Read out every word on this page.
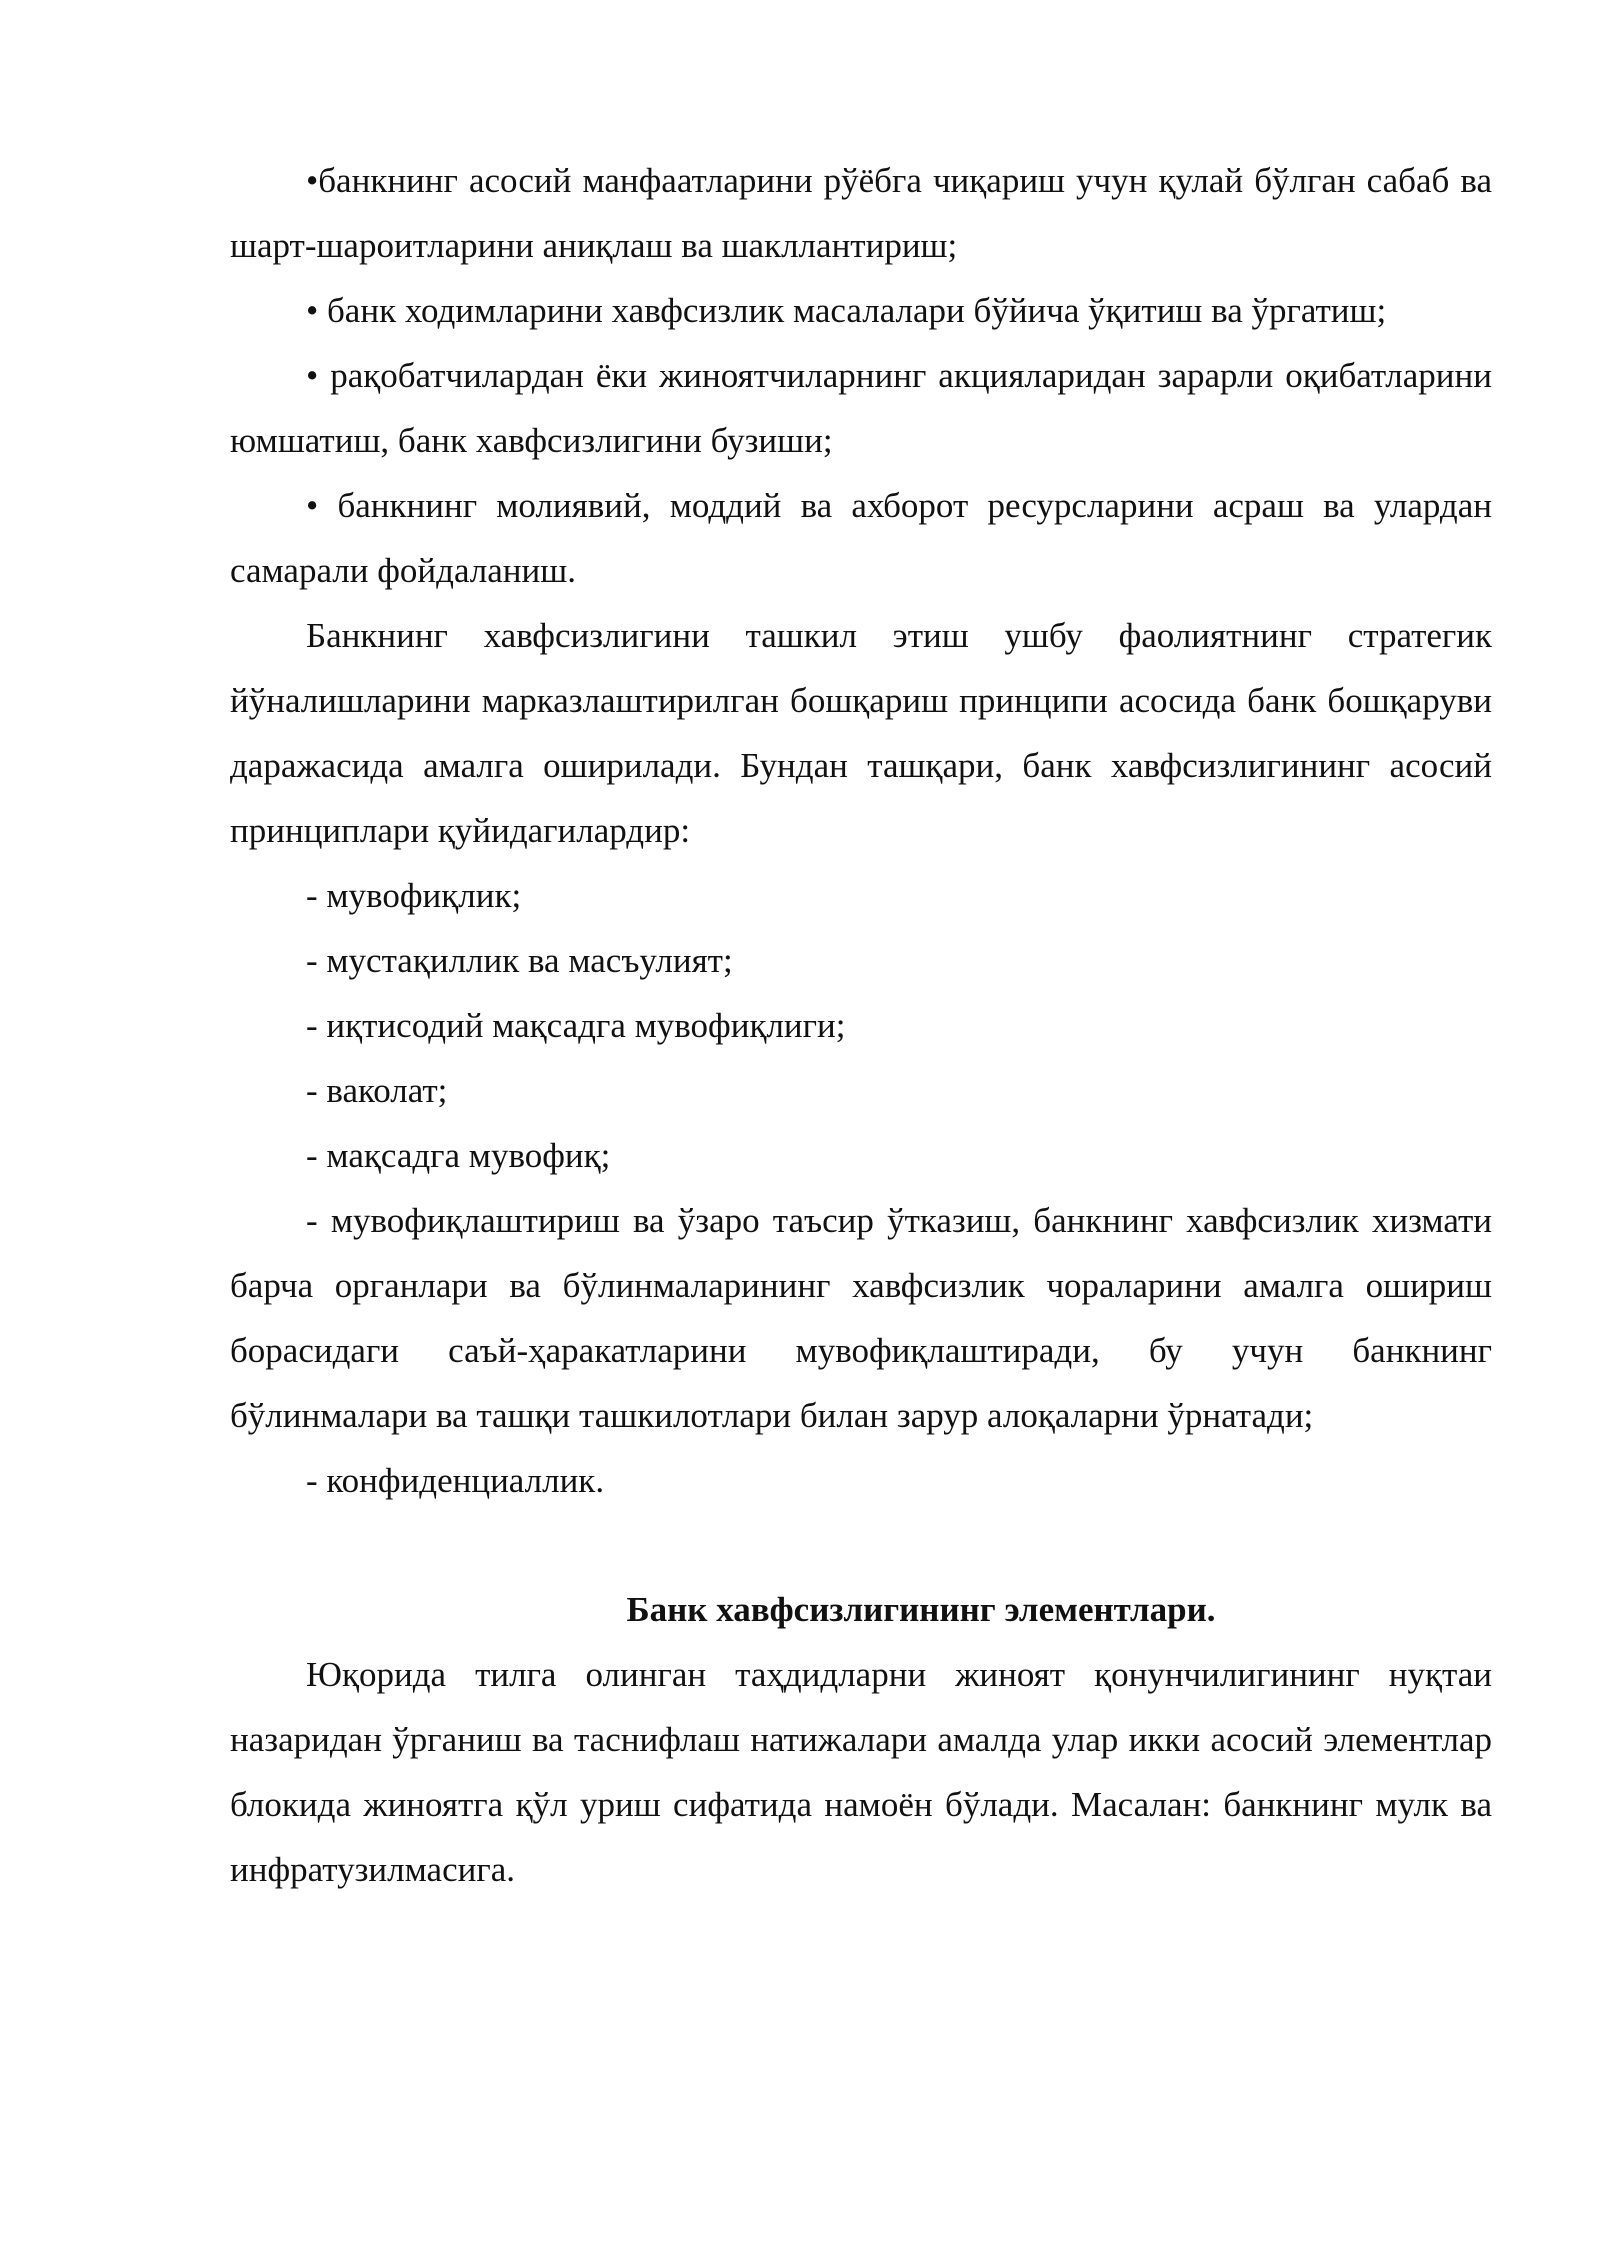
•банкнинг асосий манфаатларини рўёбга чиқариш учун қулай бўлган сабаб ва шарт-шароитларини аниқлаш ва шакллантириш;

• банк ходимларини хавфсизлик масалалари бўйича ўқитиш ва ўргатиш;

• рақобатчилардан ёки жиноятчиларнинг акцияларидан зарарли оқибатларини юмшатиш, банк хавфсизлигини бузиши;

• банкнинг молиявий, моддий ва ахборот ресурсларини асраш ва улардан самарали фойдаланиш.

Банкнинг хавфсизлигини ташкил этиш ушбу фаолиятнинг стратегик йўналишларини марказлаштирилган бошқариш принципи асосида банк бошқаруви даражасида амалга оширилади. Бундан ташқари, банк хавфсизлигининг асосий принциплари қуйидагилардир:

- мувофиқлик;

- мустақиллик ва масъулият;

- иқтисодий мақсадга мувофиқлиги;

- ваколат;

- мақсадга мувофиқ;

- мувофиқлаштириш ва ўзаро таъсир ўтказиш, банкнинг хавфсизлик хизмати барча органлари ва бўлинмаларининг хавфсизлик чораларини амалга ошириш борасидаги саъй-ҳаракатларини мувофиқлаштиради, бу учун банкнинг бўлинмалари ва ташқи ташкилотлари билан зарур алоқаларни ўрнатади;

- конфиденциаллик.

Банк хавфсизлигининг элементлари.

Юқорида тилга олинган таҳдидларни жиноят қонунчилигининг нуқтаи назаридан ўрганиш ва таснифлаш натижалари амалда улар икки асосий элементлар блокида жиноятга қўл уриш сифатида намоён бўлади. Масалан: банкнинг мулк ва инфратузилмасига.
